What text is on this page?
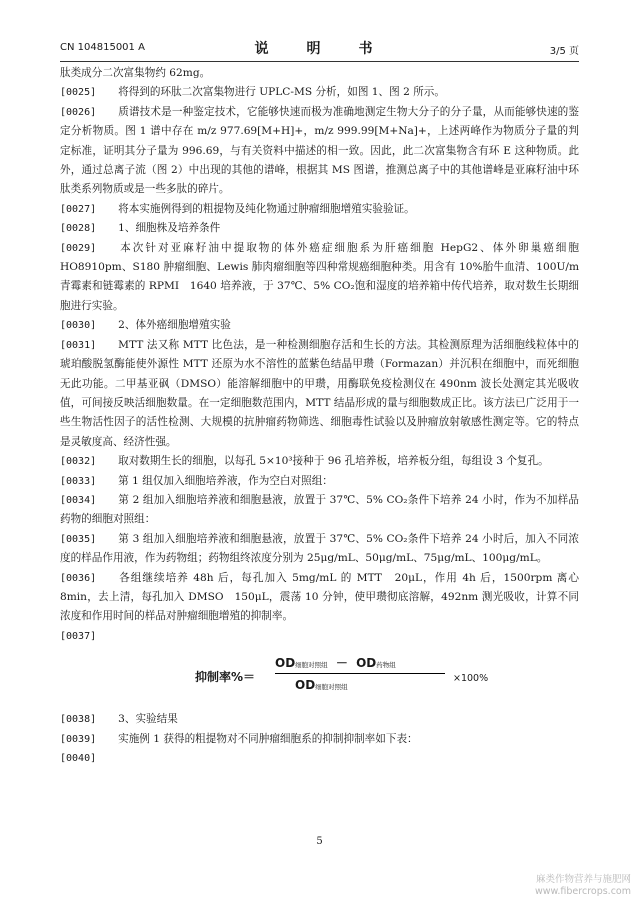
CN 104815001 A	说　明　书	3/5 页
肽类成分二次富集物约 62mg。
[0025] 将得到的环肽二次富集物进行 UPLC-MS 分析，如图 1、图 2 所示。
[0026] 质谱技术是一种鉴定技术，它能够快速而极为准确地测定生物大分子的分子量，从而能够快速的鉴定分析物质。图 1 谱中存在 m/z 977.69[M+H]+，m/z 999.99[M+Na]+，上述两峰作为物质分子量的判定标准，证明其分子量为 996.69，与有关资料中描述的相一致。因此，此二次富集物含有环 E 这种物质。此外，通过总离子流（图 2）中出现的其他的谱峰，根据其 MS 图谱，推测总离子中的其他谱峰是亚麻籽油中环肽类系列物质或是一些多肽的碎片。
[0027] 将本实施例得到的粗提物及纯化物通过肿瘤细胞增殖实验验证。
[0028] 1、细胞株及培养条件
[0029] 本次针对亚麻籽油中提取物的体外癌症细胞系为肝癌细胞 HepG2、体外卵巢癌细胞 HO8910pm、S180 肿瘤细胞、Lewis 肺肉瘤细胞等四种常规癌细胞种类。用含有 10%胎牛血清、100U/m 青霉素和链霉素的 RPMI　1640 培养液，于 37℃、5% CO₂饱和湿度的培养箱中传代培养，取对数生长期细胞进行实验。
[0030] 2、体外癌细胞增殖实验
[0031] MTT 法又称 MTT 比色法，是一种检测细胞存活和生长的方法。其检测原理为活细胞线粒体中的琥珀酸脱氢酶能使外源性 MTT 还原为水不溶性的蓝紫色结晶甲瓒（Formazan）并沉积在细胞中，而死细胞无此功能。二甲基亚砜（DMSO）能溶解细胞中的甲瓒，用酶联免疫检测仪在 490nm 波长处测定其光吸收值，可间接反映活细胞数量。在一定细胞数范围内，MTT 结晶形成的量与细胞数成正比。该方法已广泛用于一些生物活性因子的活性检测、大规模的抗肿瘤药物筛选、细胞毒性试验以及肿瘤放射敏感性测定等。它的特点是灵敏度高、经济性强。
[0032] 取对数期生长的细胞，以每孔 5×10³接种于 96 孔培养板，培养板分组，每组设 3 个复孔。
[0033] 第 1 组仅加入细胞培养液，作为空白对照组：
[0034] 第 2 组加入细胞培养液和细胞悬液，放置于 37℃、5% CO₂条件下培养 24 小时，作为不加样品药物的细胞对照组：
[0035] 第 3 组加入细胞培养液和细胞悬液，放置于 37℃、5% CO₂条件下培养 24 小时后，加入不同浓度的样品作用液，作为药物组；药物组终浓度分别为 25μg/mL、50μg/mL、75μg/mL、100μg/mL。
[0036] 各组继续培养 48h 后，每孔加入 5mg/mL 的 MTT　20μL，作用 4h 后，1500rpm 离心 8min，去上清，每孔加入 DMSO　150μL，震荡 10 分钟，使甲瓒彻底溶解，492nm 测光吸收，计算不同浓度和作用时间的样品对肿瘤细胞增殖的抑制率。
[0037]
抑制率%＝
OD细胞对照组 － OD药物组
OD细胞对照组
×100%
[0038] 3、实验结果
[0039] 实施例 1 获得的粗提物对不同肿瘤细胞系的抑制抑制率如下表：
[0040]
5
麻类作物营养与施肥网
www.fibercrops.com
